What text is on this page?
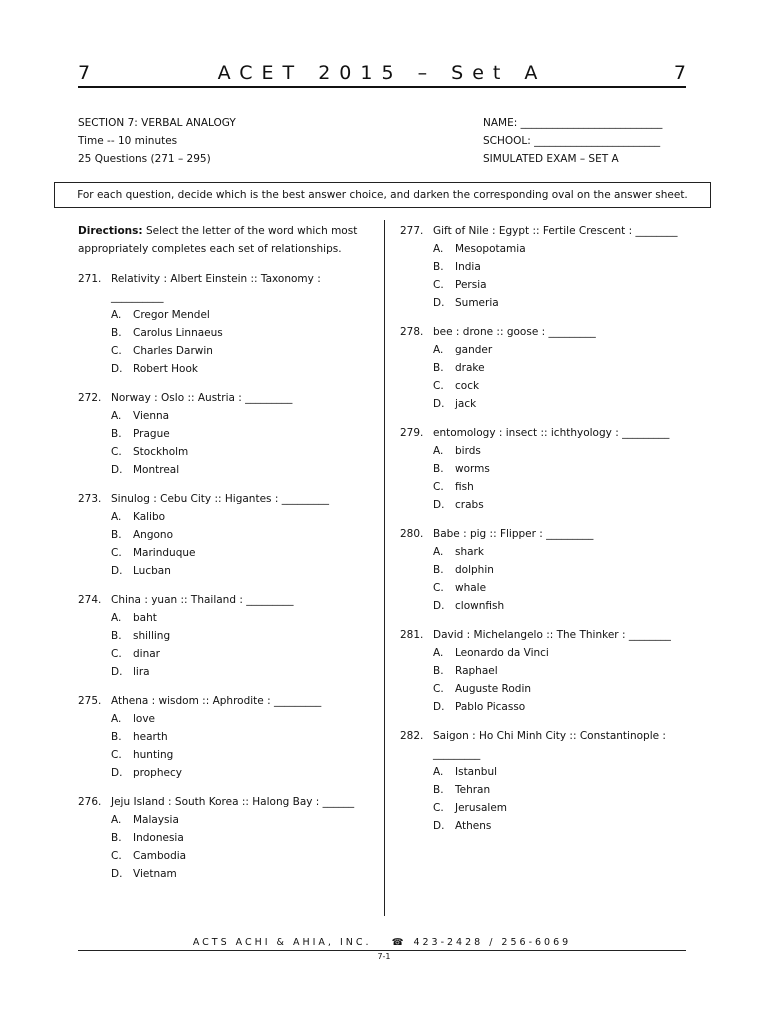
7	ACET 2015 – Set A	7
SECTION 7: VERBAL ANALOGY
Time -- 10 minutes
25 Questions (271 – 295)
NAME: ___________________________
SCHOOL: ________________________
SIMULATED EXAM – SET A
For each question, decide which is the best answer choice, and darken the corresponding oval on the answer sheet.
Directions: Select the letter of the word which most appropriately completes each set of relationships.
271. Relativity : Albert Einstein :: Taxonomy : __________
A.	Cregor Mendel
B.	Carolus Linnaeus
C.	Charles Darwin
D.	Robert Hook
272. Norway : Oslo :: Austria : _________
A.	Vienna
B.	Prague
C.	Stockholm
D.	Montreal
273. Sinulog : Cebu City :: Higantes : _________
A.	Kalibo
B.	Angono
C.	Marinduque
D.	Lucban
274. China : yuan :: Thailand : _________
A.	baht
B.	shilling
C.	dinar
D.	lira
275. Athena : wisdom :: Aphrodite : _________
A.	love
B.	hearth
C.	hunting
D.	prophecy
276. Jeju Island : South Korea :: Halong Bay : ______
A.	Malaysia
B.	Indonesia
C.	Cambodia
D.	Vietnam
277. Gift of Nile : Egypt :: Fertile Crescent : ________
A.	Mesopotamia
B.	India
C.	Persia
D.	Sumeria
278. bee : drone :: goose : _________
A.	gander
B.	drake
C.	cock
D.	jack
279. entomology : insect :: ichthyology : _________
A.	birds
B.	worms
C.	fish
D.	crabs
280. Babe : pig :: Flipper : _________
A.	shark
B.	dolphin
C.	whale
D.	clownfish
281. David : Michelangelo :: The Thinker : ________
A.	Leonardo da Vinci
B.	Raphael
C.	Auguste Rodin
D.	Pablo Picasso
282. Saigon : Ho Chi Minh City :: Constantinople : _________
A.	Istanbul
B.	Tehran
C.	Jerusalem
D.	Athens
ACTS ACHI & AHIA, INC. ☎ 423-2428 / 256-6069
7-1
